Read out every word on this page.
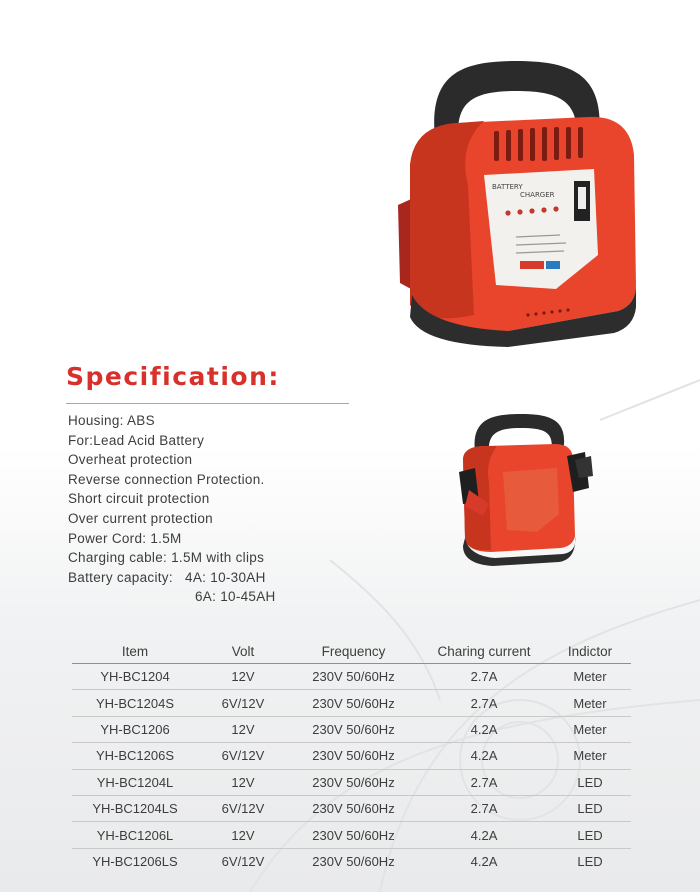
BATTERY
CHARGER
Specification:
Housing: ABS
For:Lead Acid Battery
Overheat protection
Reverse connection Protection.
Short circuit protection
Over current protection
Power Cord: 1.5M
Charging cable: 1.5M with clips
Battery capacity:   4A: 10-30AH
6A: 10-45AH
Item	Volt	Frequency	Charing current	Indictor
YH-BC1204	12V	230V 50/60Hz	2.7A	Meter
YH-BC1204S	6V/12V	230V 50/60Hz	2.7A	Meter
YH-BC1206	12V	230V 50/60Hz	4.2A	Meter
YH-BC1206S	6V/12V	230V 50/60Hz	4.2A	Meter
YH-BC1204L	12V	230V 50/60Hz	2.7A	LED
YH-BC1204LS	6V/12V	230V 50/60Hz	2.7A	LED
YH-BC1206L	12V	230V 50/60Hz	4.2A	LED
YH-BC1206LS	6V/12V	230V 50/60Hz	4.2A	LED
